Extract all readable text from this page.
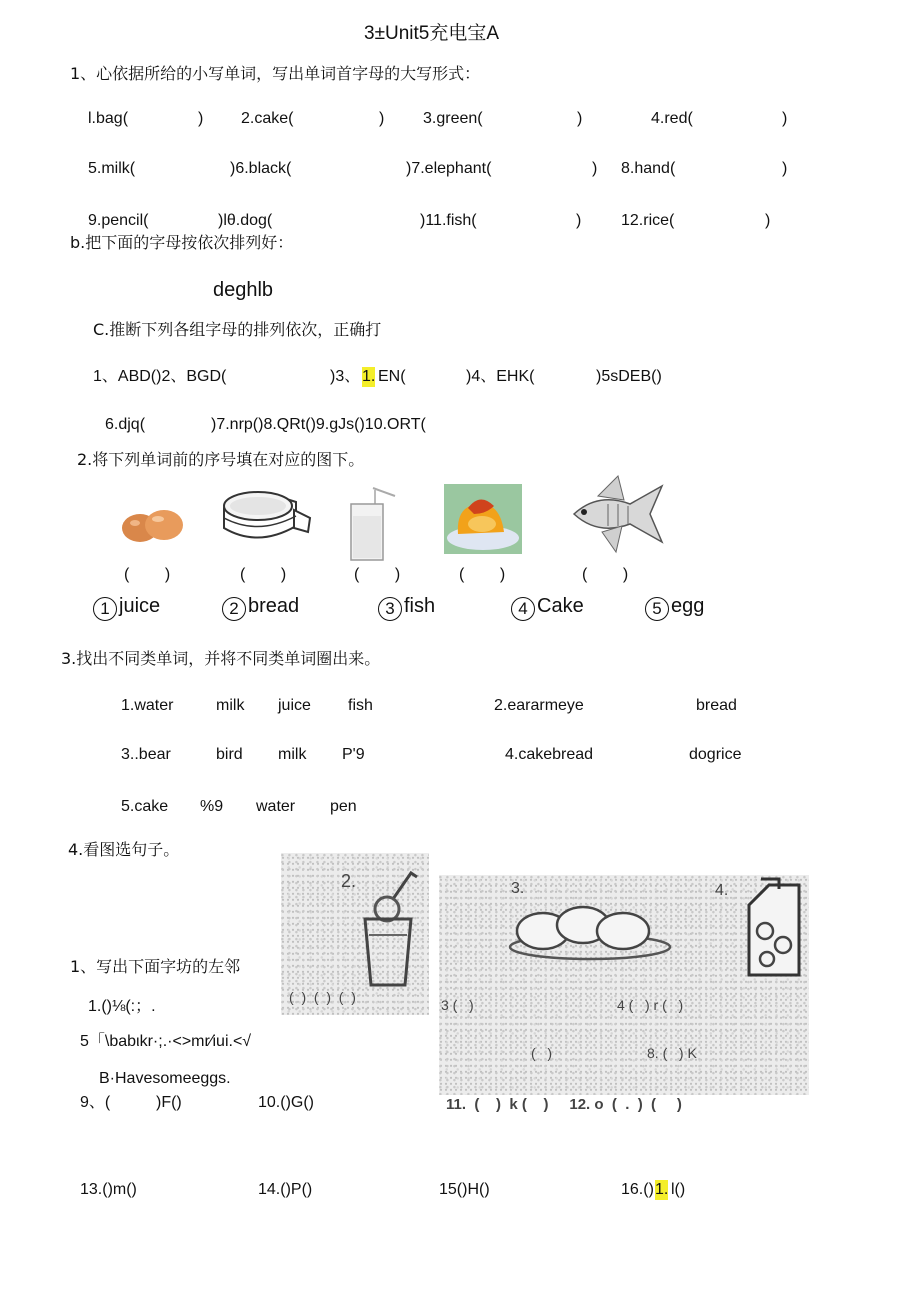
3±Unit5充电宝A
1、心依据所给的小写单词，写出单词首字母的大写形式：
l.bag(	) 2.cake(	) 3.green(	)	4.red(	)
5.milk(	)6.black(	)7.elephant(	) 8.hand(	)
9.pencil(	)lθ.dog(	)11.fish(	) 12.rice(	)
b.把下面的字母按依次排列好：
deghlb
C.推断下列各组字母的排列依次，正确打
1、ABD()2、BGD(	)3、 1. EN(	)4、EHK(	)5sDEB()
6.djq(	)7.nrp()8.QRt()9.gJs()10.ORT(
2.将下列单词前的序号填在对应的图下。
(        )	(        )	(        )	(        )	(        )
1 juice	2 bread	3 fish	4 Cake	5 egg
3.找出不同类单词，并将不同类单词圈出来。
1.water	milk juice fish	2.eararmeye	bread
3..bear	bird milk P'9	4.cakebread	dogrice
5.cake %9 water pen
4.看图选句子。
2.
(  )  (  )  (  )
3.	4.
3 (   )	4 (   ) r (   )
(   )	8. (   ) K
1、写出下面字坊的左邻
1.()⅛(:；.
5「\babιkr·;.·<>mr⁄iui.<√
B·Havesomeeggs.
9、(	)F()	10.()G()	11.  (    )  k (    )     12. o  (  .  )  (     )
13.()m()	14.()P()	15()H()	16.() 1. l()
